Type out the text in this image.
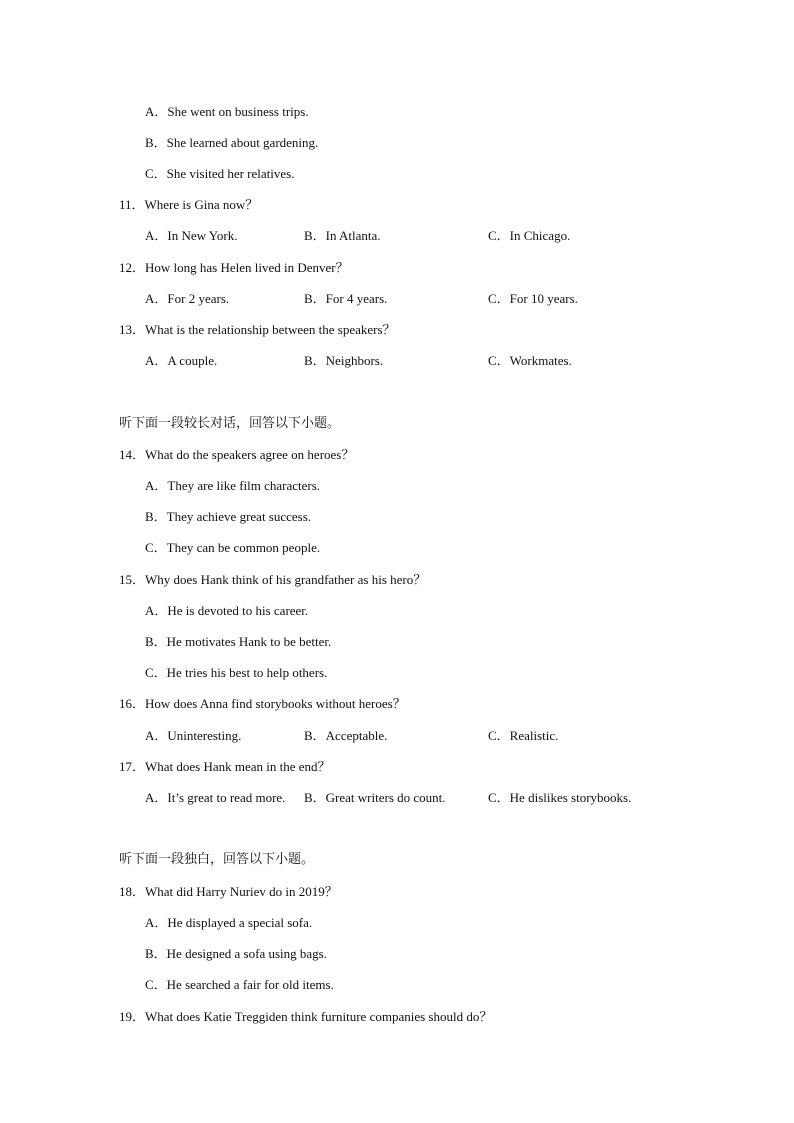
A．She went on business trips.
B．She learned about gardening.
C．She visited her relatives.
11．Where is Gina now？
A．In New York.	B．In Atlanta.	C．In Chicago.
12．How long has Helen lived in Denver？
A．For 2 years.	B．For 4 years.	C．For 10 years.
13．What is the relationship between the speakers？
A．A couple.	B．Neighbors.	C．Workmates.
听下面一段较长对话，回答以下小题。
14．What do the speakers agree on heroes？
A．They are like film characters.
B．They achieve great success.
C．They can be common people.
15．Why does Hank think of his grandfather as his hero？
A．He is devoted to his career.
B．He motivates Hank to be better.
C．He tries his best to help others.
16．How does Anna find storybooks without heroes？
A．Uninteresting.	B．Acceptable.	C．Realistic.
17．What does Hank mean in the end？
A．It’s great to read more. B．Great writers do count.	C．He dislikes storybooks.
听下面一段独白，回答以下小题。
18．What did Harry Nuriev do in 2019？
A．He displayed a special sofa.
B．He designed a sofa using bags.
C．He searched a fair for old items.
19．What does Katie Treggiden think furniture companies should do？
